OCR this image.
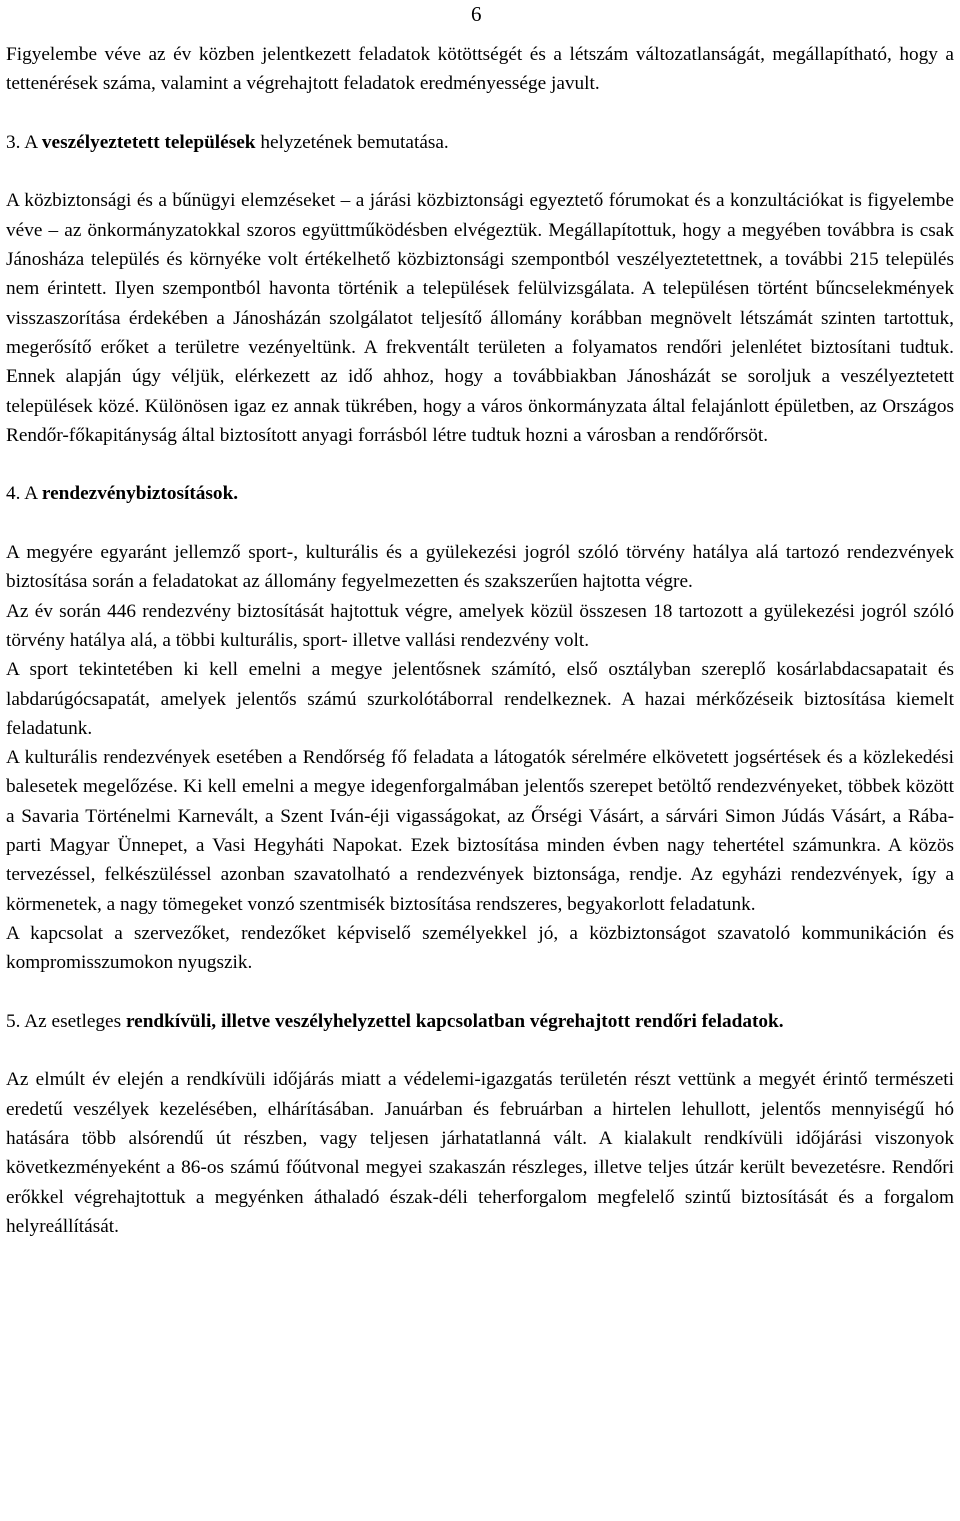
6

Figyelembe véve az év közben jelentkezett feladatok kötöttségét és a létszám változatlanságát, megállapítható, hogy a tettenérések száma, valamint a végrehajtott feladatok eredményessége javult.

3. A veszélyeztetett települések helyzetének bemutatása.

A közbiztonsági és a bűnügyi elemzéseket – a járási közbiztonsági egyeztető fórumokat és a konzultációkat is figyelembe véve – az önkormányzatokkal szoros együttműködésben elvégeztük. Megállapítottuk, hogy a megyében továbbra is csak Jánosháza település és környéke volt értékelhető közbiztonsági szempontból veszélyeztetettnek, a további 215 település nem érintett. Ilyen szempontból havonta történik a települések felülvizsgálata. A településen történt bűncselekmények visszaszorítása érdekében a Jánosházán szolgálatot teljesítő állomány korábban megnövelt létszámát szinten tartottuk, megerősítő erőket a területre vezényeltünk. A frekventált területen a folyamatos rendőri jelenlétet biztosítani tudtuk. Ennek alapján úgy véljük, elérkezett az idő ahhoz, hogy a továbbiakban Jánosházát se soroljuk a veszélyeztetett települések közé. Különösen igaz ez annak tükrében, hogy a város önkormányzata által felajánlott épületben, az Országos Rendőr-főkapitányság által biztosított anyagi forrásból létre tudtuk hozni a városban a rendőrőrsöt.

4. A rendezvénybiztosítások.

A megyére egyaránt jellemző sport-, kulturális és a gyülekezési jogról szóló törvény hatálya alá tartozó rendezvények biztosítása során a feladatokat az állomány fegyelmezetten és szakszerűen hajtotta végre.

Az év során 446 rendezvény biztosítását hajtottuk végre, amelyek közül összesen 18 tartozott a gyülekezési jogról szóló törvény hatálya alá, a többi kulturális, sport- illetve vallási rendezvény volt.

A sport tekintetében ki kell emelni a megye jelentősnek számító, első osztályban szereplő kosárlabdacsapatait és labdarúgócsapatát, amelyek jelentős számú szurkolótáborral rendelkeznek. A hazai mérkőzéseik biztosítása kiemelt feladatunk.

A kulturális rendezvények esetében a Rendőrség fő feladata a látogatók sérelmére elkövetett jogsértések és a közlekedési balesetek megelőzése. Ki kell emelni a megye idegenforgalmában jelentős szerepet betöltő rendezvényeket, többek között a Savaria Történelmi Karnevált, a Szent Iván-éji vigasságokat, az Őrségi Vásárt, a sárvári Simon Júdás Vásárt, a Rába-parti Magyar Ünnepet, a Vasi Hegyháti Napokat. Ezek biztosítása minden évben nagy tehertétel számunkra. A közös tervezéssel, felkészüléssel azonban szavatolható a rendezvények biztonsága, rendje. Az egyházi rendezvények, így a körmenetek, a nagy tömegeket vonzó szentmisék biztosítása rendszeres, begyakorlott feladatunk.

A kapcsolat a szervezőket, rendezőket képviselő személyekkel jó, a közbiztonságot szavatoló kommunikáción és kompromisszumokon nyugszik.

5. Az esetleges rendkívüli, illetve veszélyhelyzettel kapcsolatban végrehajtott rendőri feladatok.

Az elmúlt év elején a rendkívüli időjárás miatt a védelemi-igazgatás területén részt vettünk a megyét érintő természeti eredetű veszélyek kezelésében, elhárításában. Januárban és februárban a hirtelen lehullott, jelentős mennyiségű hó hatására több alsórendű út részben, vagy teljesen járhatatlanná vált. A kialakult rendkívüli időjárási viszonyok következményeként a 86-os számú főútvonal megyei szakaszán részleges, illetve teljes útzár került bevezetésre. Rendőri erőkkel végrehajtottuk a megyénken áthaladó észak-déli teherforgalom megfelelő szintű biztosítását és a forgalom helyreállítását.
